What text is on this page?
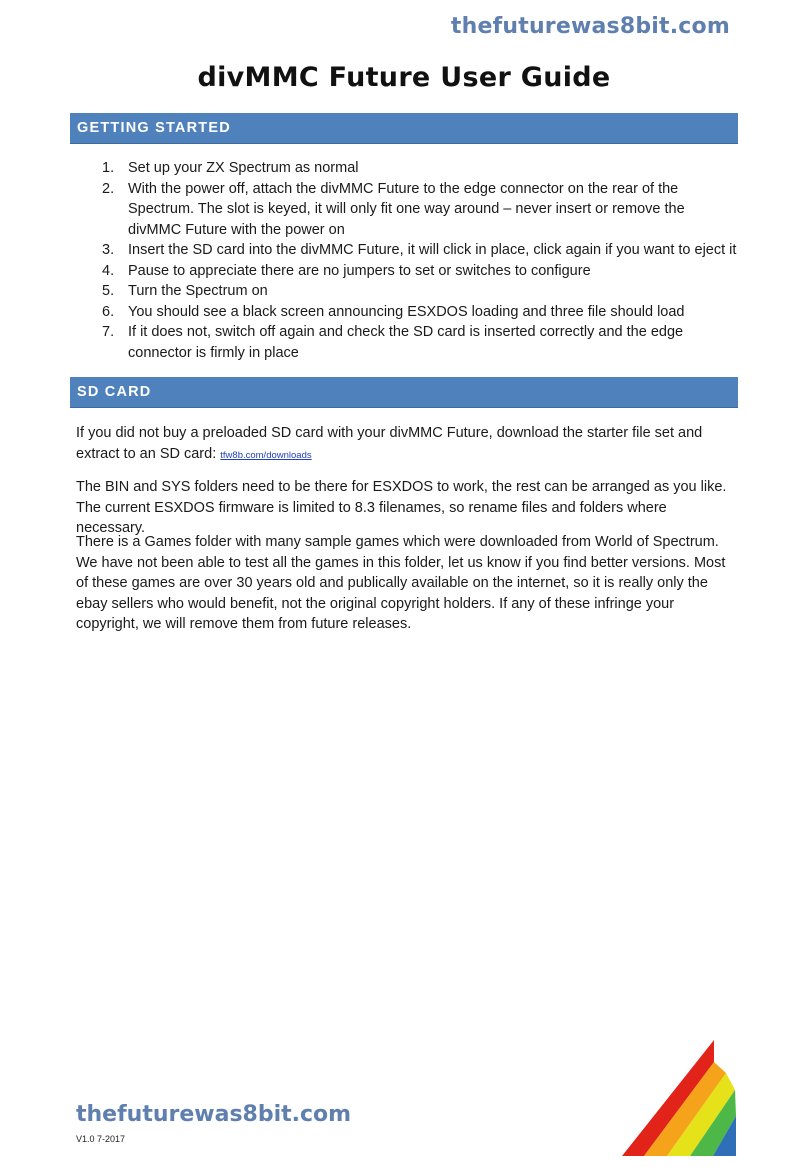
thefuturewas8bit.com
divMMC Future User Guide
GETTING STARTED
1. Set up your ZX Spectrum as normal
2. With the power off, attach the divMMC Future to the edge connector on the rear of the Spectrum. The slot is keyed, it will only fit one way around – never insert or remove the divMMC Future with the power on
3. Insert the SD card into the divMMC Future, it will click in place, click again if you want to eject it
4. Pause to appreciate there are no jumpers to set or switches to configure
5. Turn the Spectrum on
6. You should see a black screen announcing ESXDOS loading and three file should load
7. If it does not, switch off again and check the SD card is inserted correctly and the edge connector is firmly in place
SD CARD

If you did not buy a preloaded SD card with your divMMC Future, download the starter file set and extract to an SD card: tfw8b.com/downloads

The BIN and SYS folders need to be there for ESXDOS to work, the rest can be arranged as you like. The current ESXDOS firmware is limited to 8.3 filenames, so rename files and folders where necessary.

There is a Games folder with many sample games which were downloaded from World of Spectrum. We have not been able to test all the games in this folder, let us know if you find better versions. Most of these games are over 30 years old and publically available on the internet, so it is really only the ebay sellers who would benefit, not the original copyright holders. If any of these infringe your copyright, we will remove them from future releases.

thefuturewas8bit.com
V1.0 7-2017
